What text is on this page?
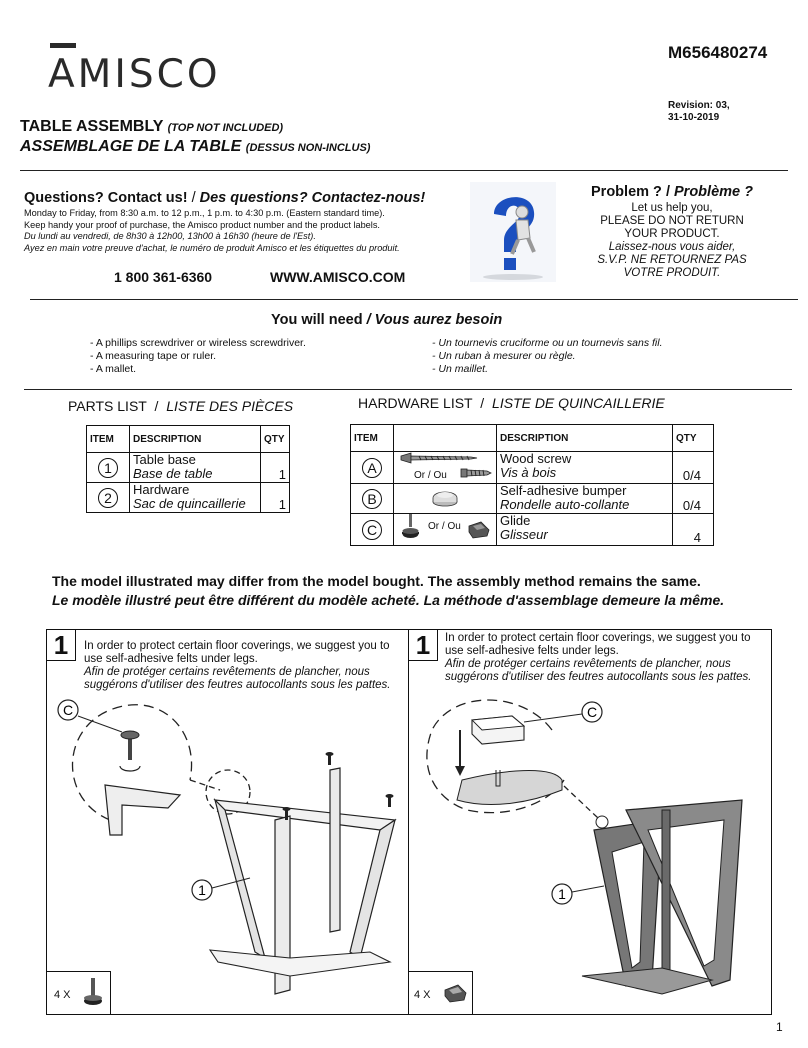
AMISCO	M656480274
Revision: 03,
31-10-2019
TABLE ASSEMBLY (TOP NOT INCLUDED)
ASSEMBLAGE DE LA TABLE (DESSUS NON-INCLUS)
Questions? Contact us! / Des questions? Contactez-nous!
Monday to Friday, from 8:30 a.m. to 12 p.m., 1 p.m. to 4:30 p.m. (Eastern standard time).
Keep handy your proof of purchase, the Amisco product number and the product labels.
Du lundi au vendredi, de 8h30 à 12h00, 13h00 à 16h30 (heure de l'Est).
Ayez en main votre preuve d'achat, le numéro de produit Amisco et les étiquettes du produit.
1 800 361-6360	WWW.AMISCO.COM
Problem ? / Problème ?
Let us help you,
PLEASE DO NOT RETURN
YOUR PRODUCT.
Laissez-nous vous aider,
S.V.P. NE RETOURNEZ PAS
VOTRE PRODUIT.
You will need / Vous aurez besoin
- A phillips screwdriver or wireless screwdriver.
- A measuring tape or ruler.
- A mallet.
- Un tournevis cruciforme ou un tournevis sans fil.
- Un ruban à mesurer ou règle.
- Un maillet.
PARTS LIST / LISTE DES PIÈCES
ITEM	DESCRIPTION	QTY
1	Table base
Base de table	1
2	Hardware
Sac de quincaillerie	1
HARDWARE LIST / LISTE DE QUINCAILLERIE
ITEM		DESCRIPTION	QTY
A	Or / Ou	Wood screw
Vis à bois	0/4
B		Self-adhesive bumper
Rondelle auto-collante	0/4
C	Or / Ou	Glide
Glisseur	4
The model illustrated may differ from the model bought. The assembly method remains the same.
Le modèle illustré peut être différent du modèle acheté. La méthode d'assemblage demeure la même.
1	In order to protect certain floor coverings, we suggest you to use self-adhesive felts under legs.
Afin de protéger certains revêtements de plancher, nous suggérons d'utiliser des feutres autocollants sous les pattes.
C
1
4 X
1	In order to protect certain floor coverings, we suggest you to use self-adhesive felts under legs.
Afin de protéger certains revêtements de plancher, nous suggérons d'utiliser des feutres autocollants sous les pattes.
C
1
4 X
1
